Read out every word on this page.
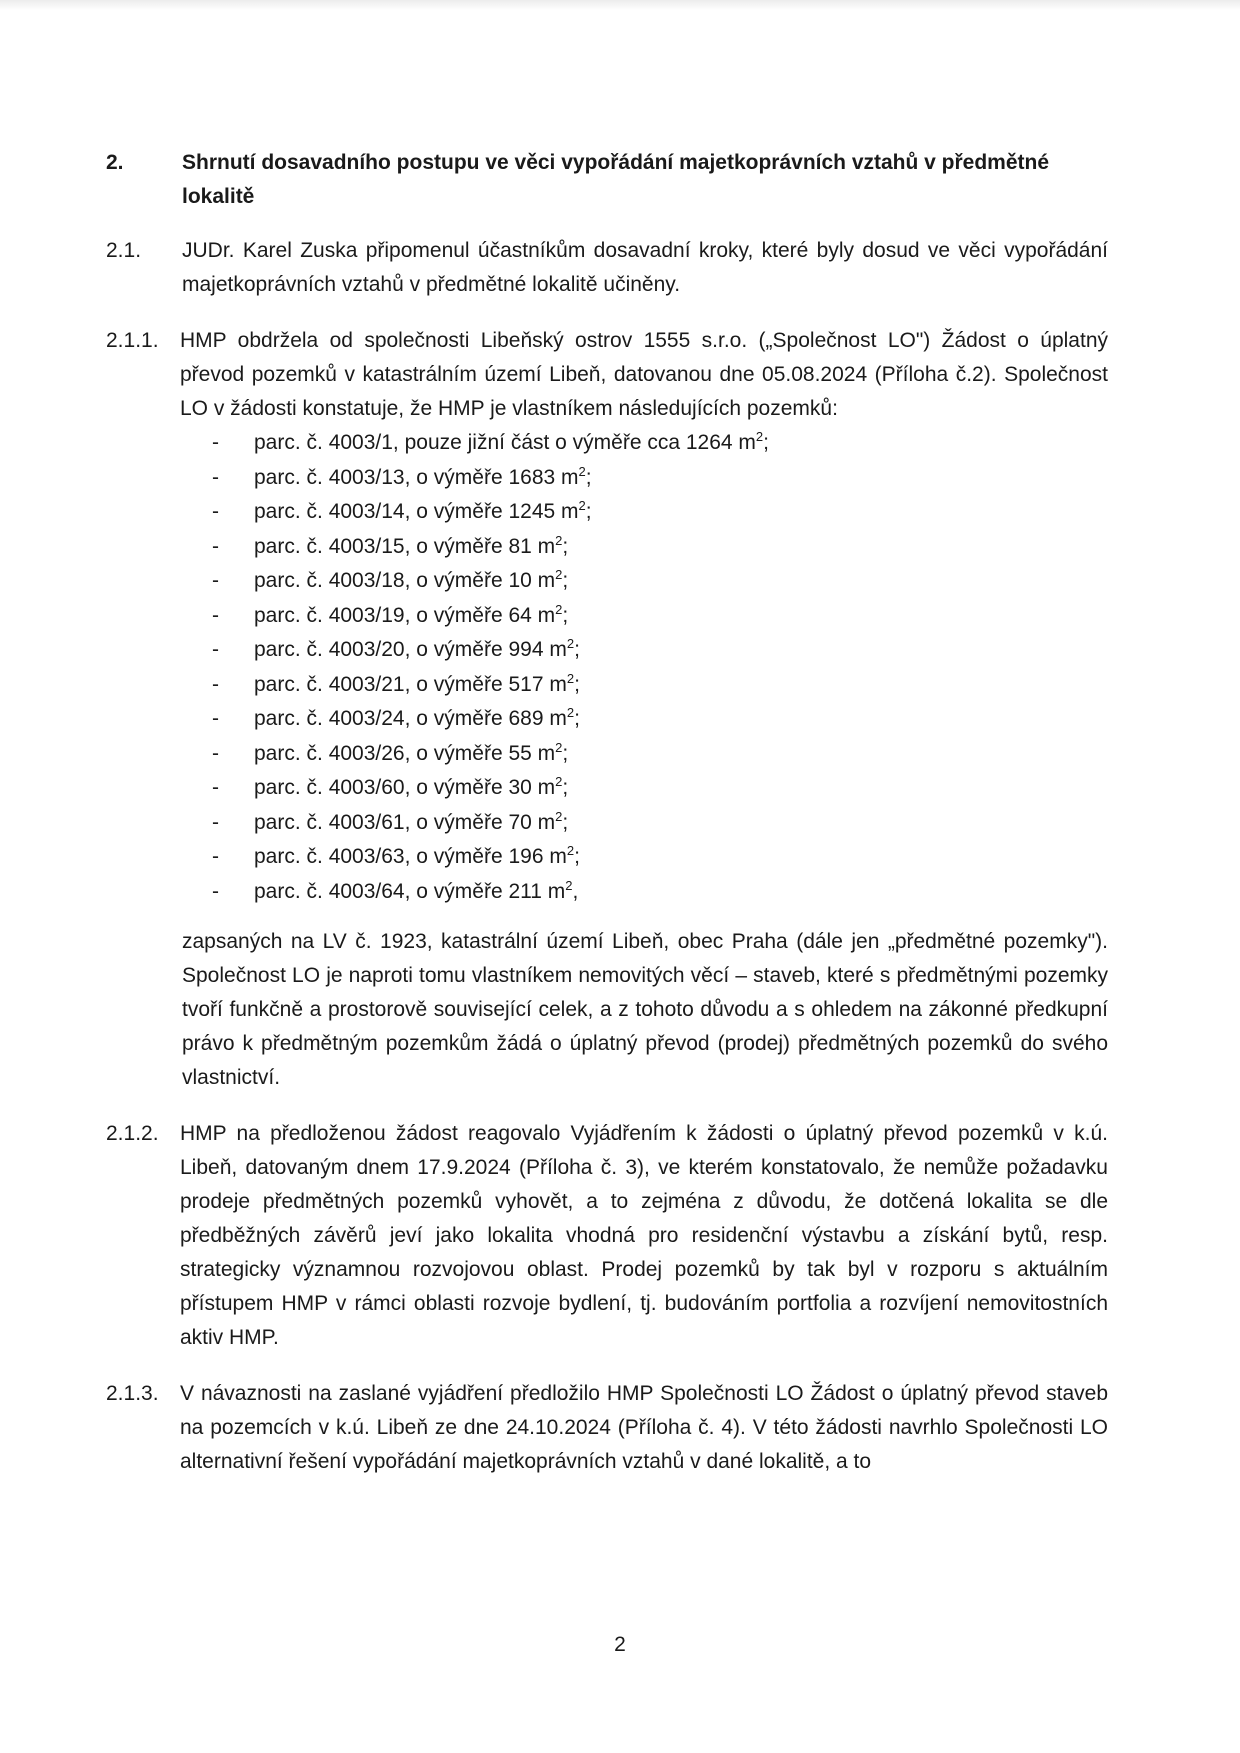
2.	Shrnutí dosavadního postupu ve věci vypořádání majetkoprávních vztahů v předmětné lokalitě
2.1.	JUDr. Karel Zuska připomenul účastníkům dosavadní kroky, které byly dosud ve věci vypořádání majetkoprávních vztahů v předmětné lokalitě učiněny.
2.1.1.	HMP obdržela od společnosti Libeňský ostrov 1555 s.r.o. („Společnost LO") Žádost o úplatný převod pozemků v katastrálním území Libeň, datovanou dne 05.08.2024 (Příloha č.2). Společnost LO v žádosti konstatuje, že HMP je vlastníkem následujících pozemků:
-	parc. č. 4003/1, pouze jižní část o výměře cca 1264 $m^2$;
-	parc. č. 4003/13, o výměře 1683 $m^2$;
-	parc. č. 4003/14, o výměře 1245 $m^2$;
-	parc. č. 4003/15, o výměře 81 $m^2$;
-	parc. č. 4003/18, o výměře 10 $m^2$;
-	parc. č. 4003/19, o výměře 64 $m^2$;
-	parc. č. 4003/20, o výměře 994 $m^2$;
-	parc. č. 4003/21, o výměře 517 $m^2$;
-	parc. č. 4003/24, o výměře 689 $m^2$;
-	parc. č. 4003/26, o výměře 55 $m^2$;
-	parc. č. 4003/60, o výměře 30 $m^2$;
-	parc. č. 4003/61, o výměře 70 $m^2$;
-	parc. č. 4003/63, o výměře 196 $m^2$;
-	parc. č. 4003/64, o výměře 211 $m^2$,
zapsaných na LV č. 1923, katastrální území Libeň, obec Praha (dále jen „předmětné pozemky"). Společnost LO je naproti tomu vlastníkem nemovitých věcí – staveb, které s předmětnými pozemky tvoří funkčně a prostorově související celek, a z tohoto důvodu a s ohledem na zákonné předkupní právo k předmětným pozemkům žádá o úplatný převod (prodej) předmětných pozemků do svého vlastnictví.
2.1.2.	HMP na předloženou žádost reagovalo Vyjádřením k žádosti o úplatný převod pozemků v k.ú. Libeň, datovaným dnem 17.9.2024 (Příloha č. 3), ve kterém konstatovalo, že nemůže požadavku prodeje předmětných pozemků vyhovět, a to zejména z důvodu, že dotčená lokalita se dle předběžných závěrů jeví jako lokalita vhodná pro residenční výstavbu a získání bytů, resp. strategicky významnou rozvojovou oblast. Prodej pozemků by tak byl v rozporu s aktuálním přístupem HMP v rámci oblasti rozvoje bydlení, tj. budováním portfolia a rozvíjení nemovitostních aktiv HMP.
2.1.3.	V návaznosti na zaslané vyjádření předložilo HMP Společnosti LO Žádost o úplatný převod staveb na pozemcích v k.ú. Libeň ze dne 24.10.2024 (Příloha č. 4). V této žádosti navrhlo Společnosti LO alternativní řešení vypořádání majetkoprávních vztahů v dané lokalitě, a to
2
